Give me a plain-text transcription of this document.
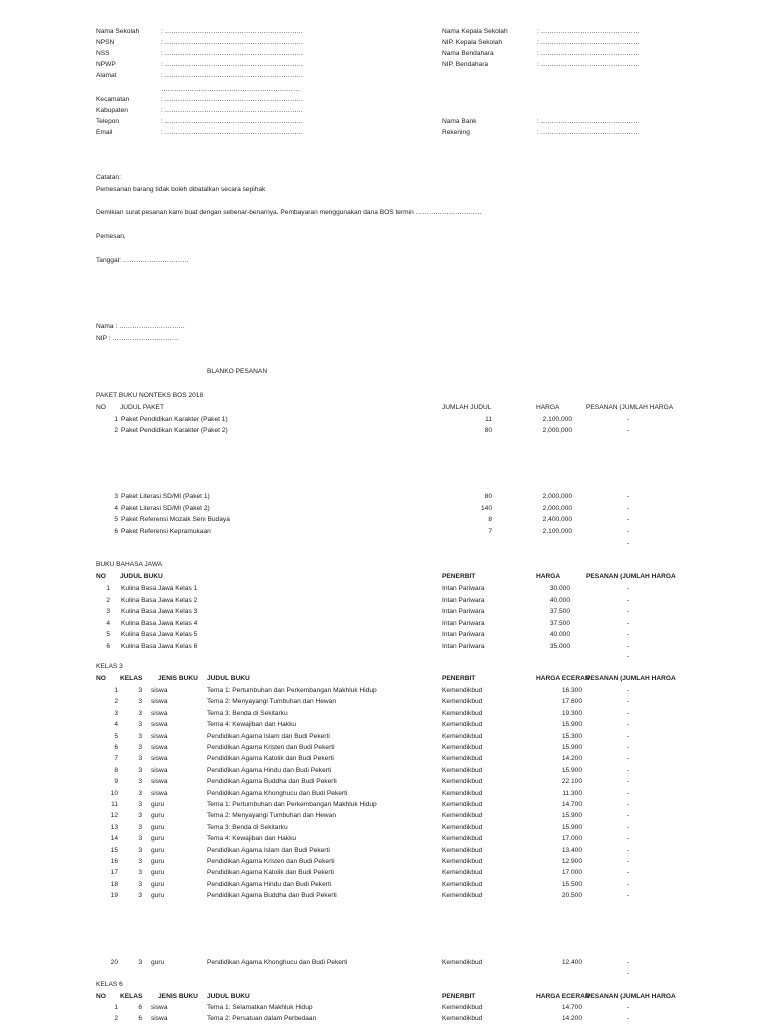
Nama Sekolah	: ………………………………………………………
NPSN	: ………………………………………………………
NSS	: ………………………………………………………
NPWP	: ………………………………………………………
Alamat	: ………………………………………………………
………………………………………………………
Kecamatan	: ………………………………………………………
Kabupaten	: ………………………………………………………
Telepon	: ………………………………………………………
Email	: ………………………………………………………
Nama Kepala Sekolah	: ………………………………………
NIP. Kepala Sekolah	: ………………………………………
Nama Bendahara	: ………………………………………
NIP. Bendahara	: ………………………………………
Nama Bank	: ………………………………………
Rekening	: ………………………………………
Catatan:
Pemesanan barang tidak boleh dibatalkan secara sepihak
Demikian surat pesanan kami buat dengan sebenar-benarnya. Pembayaran menggunakan dana BOS termin …………………………
Pemesan,
Tanggal: …………………………
Nama : …………………………
NIP : …………………………
BLANKO PESANAN
PAKET BUKU NONTEKS BOS 2018
NO JUDUL PAKET	JUMLAH JUDUL	HARGA	PESANAN (JUMLAH HARGA
1 Paket Pendidikan Karakter (Paket 1)	11	2,100,000	-
2 Paket Pendidikan Karakter (Paket 2)	80	2,000,000	-
3 Paket Literasi SD/MI (Paket 1)	80	2,000,000	-
4 Paket Literasi SD/MI (Paket 2)	140	2,000,000	-
5 Paket Referensi Mozaik Seni Budaya	8	2,400,000	-
6 Paket Referensi Kepramukaan	7	2,100,000	-
-
BUKU BAHASA JAWA
NO JUDUL BUKU	PENERBIT	HARGA	PESANAN (JUMLAH HARGA
1 Kulina Basa Jawa Kelas 1	Intan Pariwara	30.000	-
2 Kulina Basa Jawa Kelas 2	Intan Pariwara	40.000	-
3 Kulina Basa Jawa Kelas 3	Intan Pariwara	37.500	-
4 Kulina Basa Jawa Kelas 4	Intan Pariwara	37.500	-
5 Kulina Basa Jawa Kelas 5	Intan Pariwara	40.000	-
6 Kulina Basa Jawa Kelas 6	Intan Pariwara	35.000	-
-
KELAS 3
NO KELAS JENIS BUKU JUDUL BUKU	PENERBIT	HARGA ECERAN
PESANAN (JUMLAH HARGA
1	3 siswa	Tema 1: Pertumbuhan dan Perkembangan Makhluk Hidup	Kemendikbud	16.300	-
2	3 siswa	Tema 2: Menyayangi Tumbuhan dan Hewan	Kemendikbud	17.600	-
3	3 siswa	Tema 3: Benda di Sekitarku	Kemendikbud	19.300	-
4	3 siswa	Tema 4: Kewajiban dan Hakku	Kemendikbud	15.900	-
5	3 siswa	Pendidikan Agama Islam dan Budi Pekerti	Kemendikbud	15.300	-
6	3 siswa	Pendidikan Agama Kristen dan Budi Pekerti	Kemendikbud	15.900	-
7	3 siswa	Pendidikan Agama Katolik dan Budi Pekerti	Kemendikbud	14.200	-
8	3 siswa	Pendidikan Agama Hindu dan Budi Pekerti	Kemendikbud	15.900	-
9	3 siswa	Pendidikan Agama Buddha dan Budi Pekerti	Kemendikbud	22.100	-
10	3 siswa	Pendidikan Agama Khonghucu dan Budi Pekerti	Kemendikbud	11.300	-
11	3 guru	Tema 1: Pertumbuhan dan Perkembangan Makhluk Hidup	Kemendikbud	14.700	-
12	3 guru	Tema 2: Menyayangi Tumbuhan dan Hewan	Kemendikbud	15.900	-
13	3 guru	Tema 3: Benda di Sekitarku	Kemendikbud	15.900	-
14	3 guru	Tema 4: Kewajiban dan Hakku	Kemendikbud	17.000	-
15	3 guru	Pendidikan Agama Islam dan Budi Pekerti	Kemendikbud	13.400	-
16	3 guru	Pendidikan Agama Kristen dan Budi Pekerti	Kemendikbud	12.900	-
17	3 guru	Pendidikan Agama Katolik dan Budi Pekerti	Kemendikbud	17.000	-
18	3 guru	Pendidikan Agama Hindu dan Budi Pekerti	Kemendikbud	15.500	-
19	3 guru	Pendidikan Agama Buddha dan Budi Pekerti	Kemendikbud	20.500	-
20	3 guru	Pendidikan Agama Khonghucu dan Budi Pekerti	Kemendikbud	12.400	-
-
KELAS 6
NO KELAS JENIS BUKU JUDUL BUKU	PENERBIT	HARGA ECERAN
PESANAN (JUMLAH HARGA
1	6 siswa	Tema 1: Selamatkan Makhluk Hidup	Kemendikbud	14.700	-
2	6 siswa	Tema 2: Persatuan dalam Perbedaan	Kemendikbud	14.200	-
